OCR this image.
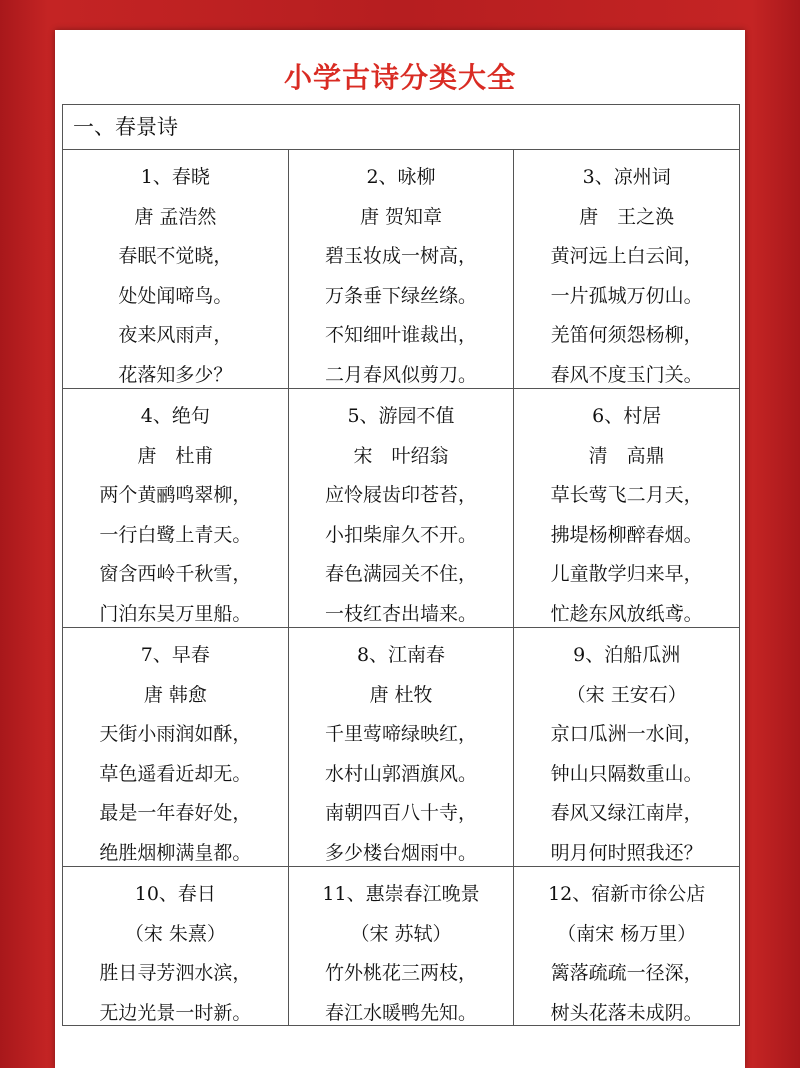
小学古诗分类大全
一、春景诗
1、春晓
唐 孟浩然
春眠不觉晓，
处处闻啼鸟。
夜来风雨声，
花落知多少？
2、咏柳
唐 贺知章
碧玉妆成一树高，
万条垂下绿丝绦。
不知细叶谁裁出，
二月春风似剪刀。
3、凉州词
唐　王之涣
黄河远上白云间，
一片孤城万仞山。
羌笛何须怨杨柳，
春风不度玉门关。
4、绝句
唐　杜甫
两个黄鹂鸣翠柳，
一行白鹭上青天。
窗含西岭千秋雪，
门泊东吴万里船。
5、游园不值
宋　叶绍翁
应怜屐齿印苍苔，
小扣柴扉久不开。
春色满园关不住，
一枝红杏出墙来。
6、村居
清　高鼎
草长莺飞二月天，
拂堤杨柳醉春烟。
儿童散学归来早，
忙趁东风放纸鸢。
7、早春
唐 韩愈
天街小雨润如酥，
草色遥看近却无。
最是一年春好处，
绝胜烟柳满皇都。
8、江南春
唐 杜牧
千里莺啼绿映红，
水村山郭酒旗风。
南朝四百八十寺，
多少楼台烟雨中。
9、泊船瓜洲
（宋 王安石）
京口瓜洲一水间，
钟山只隔数重山。
春风又绿江南岸，
明月何时照我还？
10、春日
（宋 朱熹）
胜日寻芳泗水滨，
无边光景一时新。
11、惠崇春江晚景
（宋 苏轼）
竹外桃花三两枝，
春江水暖鸭先知。
12、宿新市徐公店
（南宋 杨万里）
篱落疏疏一径深，
树头花落未成阴。
